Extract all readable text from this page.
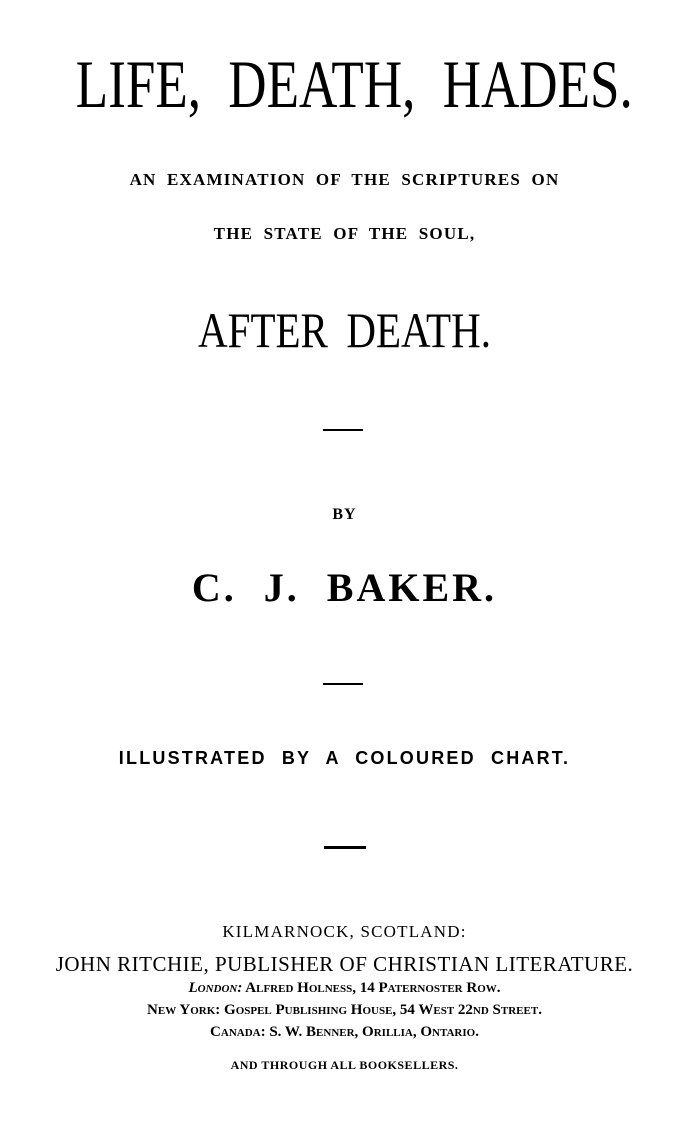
LIFE, DEATH, HADES.
AN EXAMINATION OF THE SCRIPTURES ON
THE STATE OF THE SOUL,
AFTER DEATH.
BY
C. J. BAKER.
ILLUSTRATED BY A COLOURED CHART.
KILMARNOCK, SCOTLAND:
JOHN RITCHIE, PUBLISHER OF CHRISTIAN LITERATURE.
London: Alfred Holness, 14 Paternoster Row.
New York: Gospel Publishing House, 54 West 22nd Street.
Canada: S. W. Benner, Orillia, Ontario.
AND THROUGH ALL BOOKSELLERS.
